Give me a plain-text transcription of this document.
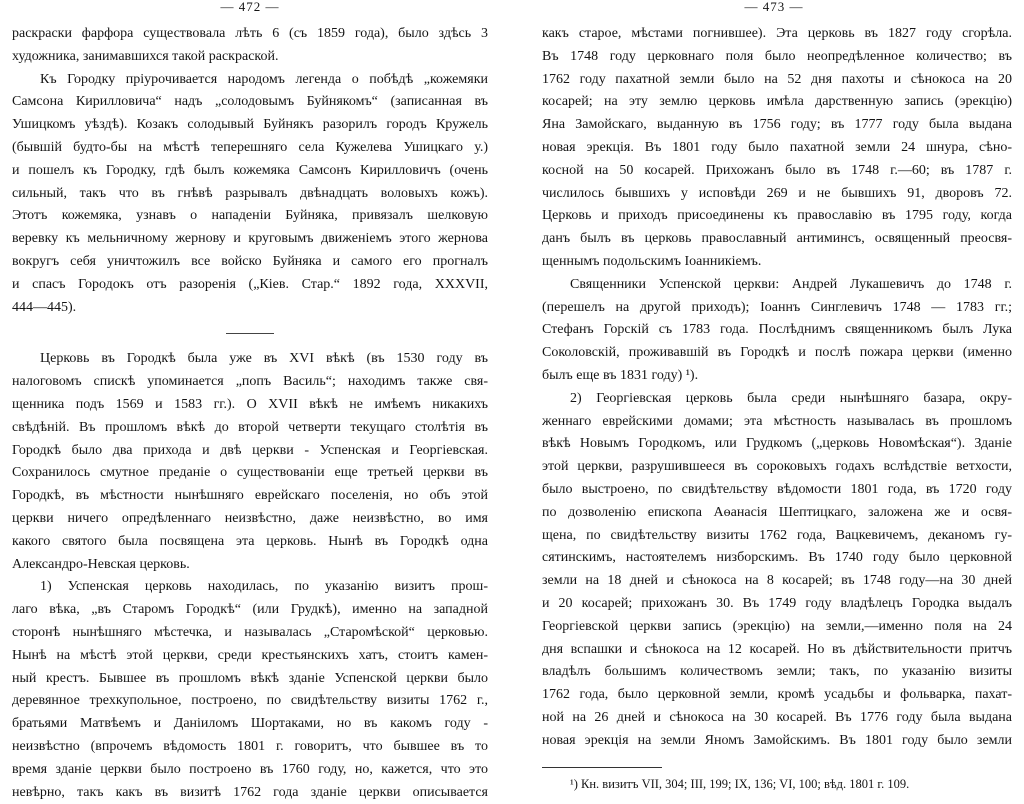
— 472 —
раскраски фарфора существовала лѣть 6 (съ 1859 года), было здѣсь 3
художника, занимавшихся такой раскраской.
Къ Городку пріурочивается народомъ легенда о побѣдѣ „кожемяки
Самсона Кирилловича“ надъ „солодовымъ Буйнякомъ“ (записанная въ
Ушицкомъ уѣздѣ). Козакъ солодывый Буйнякъ разорилъ городъ Кружель
(бывшій будто-бы на мѣстѣ теперешняго села Кужелева Ушицкаго у.)
и пошелъ къ Городку, гдѣ былъ кожемяка Самсонъ Кирилловичъ (очень
сильный, такъ что въ гнѣвѣ разрывалъ двѣнадцать воловыхъ кожъ).
Этотъ кожемяка, узнавъ о нападеніи Буйняка, привязалъ шелковую
веревку къ мельничному жернову и круговымъ движеніемъ этого жернова
вокругъ себя уничтожилъ все войско Буйняка и самого его прогналъ
и спасъ Городокъ отъ разоренія („Кiев. Стар.“ 1892 года, XXXVII,
444—445).
Церковь въ Городкѣ была уже въ XVI вѣкѣ (въ 1530 году въ
налоговомъ спискѣ упоминается „попъ Василь“; находимъ также свя-
щенника подъ 1569 и 1583 гг.). О XVII вѣкѣ не имѣемъ никакихъ
свѣдѣній. Въ прошломъ вѣкѣ до второй четверти текущаго столѣтія въ
Городкѣ было два прихода и двѣ церкви - Успенская и Георгіевская.
Сохранилось смутное преданіе о существованіи еще третьей церкви въ
Городкѣ, въ мѣстности нынѣшняго еврейскаго поселенія, но объ этой
церкви ничего опредѣленнаго неизвѣстно, даже неизвѣстно, во имя
какого святого была посвящена эта церковь. Нынѣ въ Городкѣ одна
Александро-Невская церковь.
1) Успенская церковь находилась, по указанію визитъ прош-
лаго вѣка, „въ Старомъ Городкѣ“ (или Грудкѣ), именно на западной
сторонѣ нынѣшняго мѣстечка, и называлась „Старомѣской“ церковью.
Нынѣ на мѣстѣ этой церкви, среди крестьянскихъ хатъ, стоитъ камен-
ный крестъ. Бывшее въ прошломъ вѣкѣ зданіе Успенской церкви было
деревянное трехкупольное, построено, по свидѣтельству визиты 1762 г.,
братьями Матвѣемъ и Даніиломъ Шортаками, но въ какомъ году -
неизвѣстно (впрочемъ вѣдомость 1801 г. говоритъ, что бывшее въ то
время зданіе церкви было построено въ 1760 году, но, кажется, что это
невѣрно, такъ какъ въ визитѣ 1762 года зданіе церкви описывается
— 473 —
какъ старое, мѣстами погнившее). Эта церковь въ 1827 году сгорѣла.
Въ 1748 году церковнаго поля было неопредѣленное количество; въ
1762 году пахатной земли было на 52 дня пахоты и сѣнокоса на 20
косарей; на эту землю церковь имѣла дарственную запись (эрекцію)
Яна Замойскаго, выданную въ 1756 году; въ 1777 году была выдана
новая эрекція. Въ 1801 году было пахатной земли 24 шнура, сѣно-
косной на 50 косарей. Прихожанъ было въ 1748 г.—60; въ 1787 г.
числилось бывшихъ у исповѣди 269 и не бывшихъ 91, дворовъ 72.
Церковь и приходъ присоединены къ православію въ 1795 году, когда
данъ былъ въ церковь православный антиминсъ, освященный преосвя-
щеннымъ подольскимъ Іоанникіемъ.
Священники Успенской церкви: Андрей Лукашевичъ до 1748 г.
(перешелъ на другой приходъ); Іоаннъ Синглевичъ 1748 — 1783 гг.;
Стефанъ Горскій съ 1783 года. Послѣднимъ священникомъ былъ Лука
Соколовскій, проживавшій въ Городкѣ и послѣ пожара церкви (именно
былъ еще въ 1831 году) ¹).
2) Георгіевская церковь была среди нынѣшняго базара, окру-
женнаго еврейскими домами; эта мѣстность называлась въ прошломъ
вѣкѣ Новымъ Городкомъ, или Грудкомъ („церковь Новомѣская“). Зданіе
этой церкви, разрушившееся въ сороковыхъ годахъ вслѣдствіе ветхости,
было выстроено, по свидѣтельству вѣдомости 1801 года, въ 1720 году
по дозволенію епископа Аѳанасія Шептицкаго, заложена же и освя-
щена, по свидѣтельству визиты 1762 года, Вацкевичемъ, деканомъ гу-
сятинскимъ, настоятелемъ низборскимъ. Въ 1740 году было церковной
земли на 18 дней и сѣнокоса на 8 косарей; въ 1748 году—на 30 дней
и 20 косарей; прихожанъ 30. Въ 1749 году владѣлецъ Городка выдалъ
Георгіевской церкви запись (эрекцію) на земли,—именно поля на 24
дня вспашки и сѣнокоса на 12 косарей. Но въ дѣйствительности притчъ
владѣлъ большимъ количествомъ земли; такъ, по указанію визиты
1762 года, было церковной земли, кромѣ усадьбы и фольварка, пахат-
ной на 26 дней и сѣнокоса на 30 косарей. Въ 1776 году была выдана
новая эрекція на земли Яномъ Замойскимъ. Въ 1801 году было земли
¹) Кн. визитъ VII, 304; III, 199; IX, 136; VI, 100; вѣд. 1801 г. 109.
